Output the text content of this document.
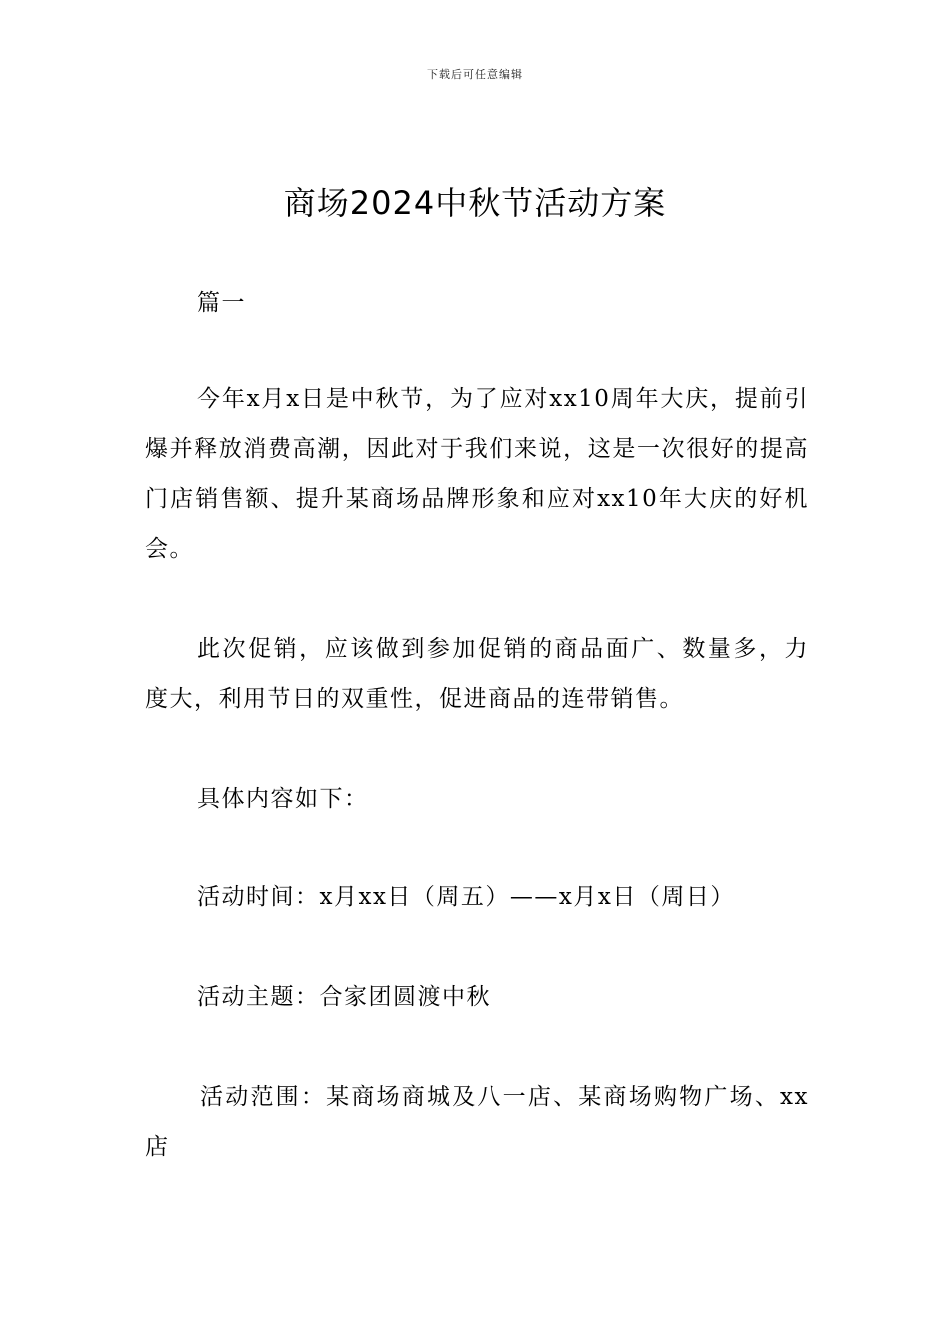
下载后可任意编辑
商场2024中秋节活动方案

篇一

今年x月x日是中秋节，为了应对xx10周年大庆，提前引爆并释放消费高潮，因此对于我们来说，这是一次很好的提高门店销售额、提升某商场品牌形象和应对xx10年大庆的好机会。

此次促销，应该做到参加促销的商品面广、数量多，力度大，利用节日的双重性，促进商品的连带销售。

具体内容如下：

活动时间：x月xx日（周五）——x月x日（周日）

活动主题：合家团圆渡中秋

活动范围：某商场商城及八一店、某商场购物广场、xx店
